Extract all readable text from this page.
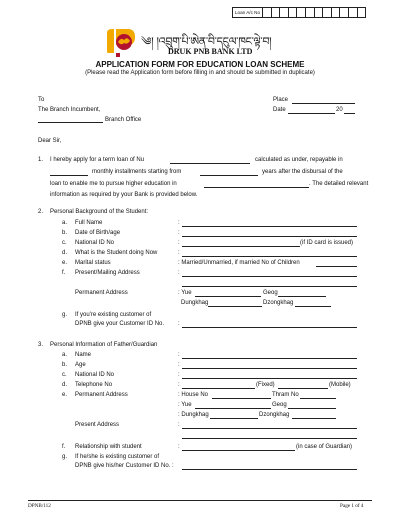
Loan A/c No
༄། །འབྲུག་པི་ཨེན་བི་དངུལ་ཁང་ལྟེ་བ།
DRUK PNB BANK LTD
APPLICATION FORM FOR EDUCATION LOAN SCHEME
(Please read the Application form before filling in and should be submitted in duplicate)
To
The Branch Incumbent,
Branch Office
Place
Date	20
Dear Sir,
1. I hereby apply for a term loan of Nu	calculated as under, repayable in
monthly installments starting from	years after the disbursal of the
loan to enable me to pursue higher education in	. The detailed relevant
information as required by your Bank is provided below.
2. Personal Background of the Student:
a. Full Name	:
b. Date of Birth/age	:
c. National ID No	:	(if ID card is issued)
d. What is the Student doing Now	:
e. Marital status	: Married/Unmarried, if married No of Children
f. Present/Mailing Address	:
Permanent Address	: Yue	Geog
Dungkhag	Dzongkhag
g. If you're existing customer of
DPNB give your Customer ID No. :
3. Personal Information of Father/Guardian
a. Name	:
b. Age	:
c. National ID No	:
d. Telephone No	:	(Fixed)	(Mobile)
e. Permanent Address	: House No	Thram No
: Yue	Geog
: Dungkhag	Dzongkhag
Present Address	:
f. Relationship with student	:	(in case of Guardian)
g. If he/she is existing customer of
DPNB give his/her Customer ID No. :
DPNB/112	Page 1 of 4
